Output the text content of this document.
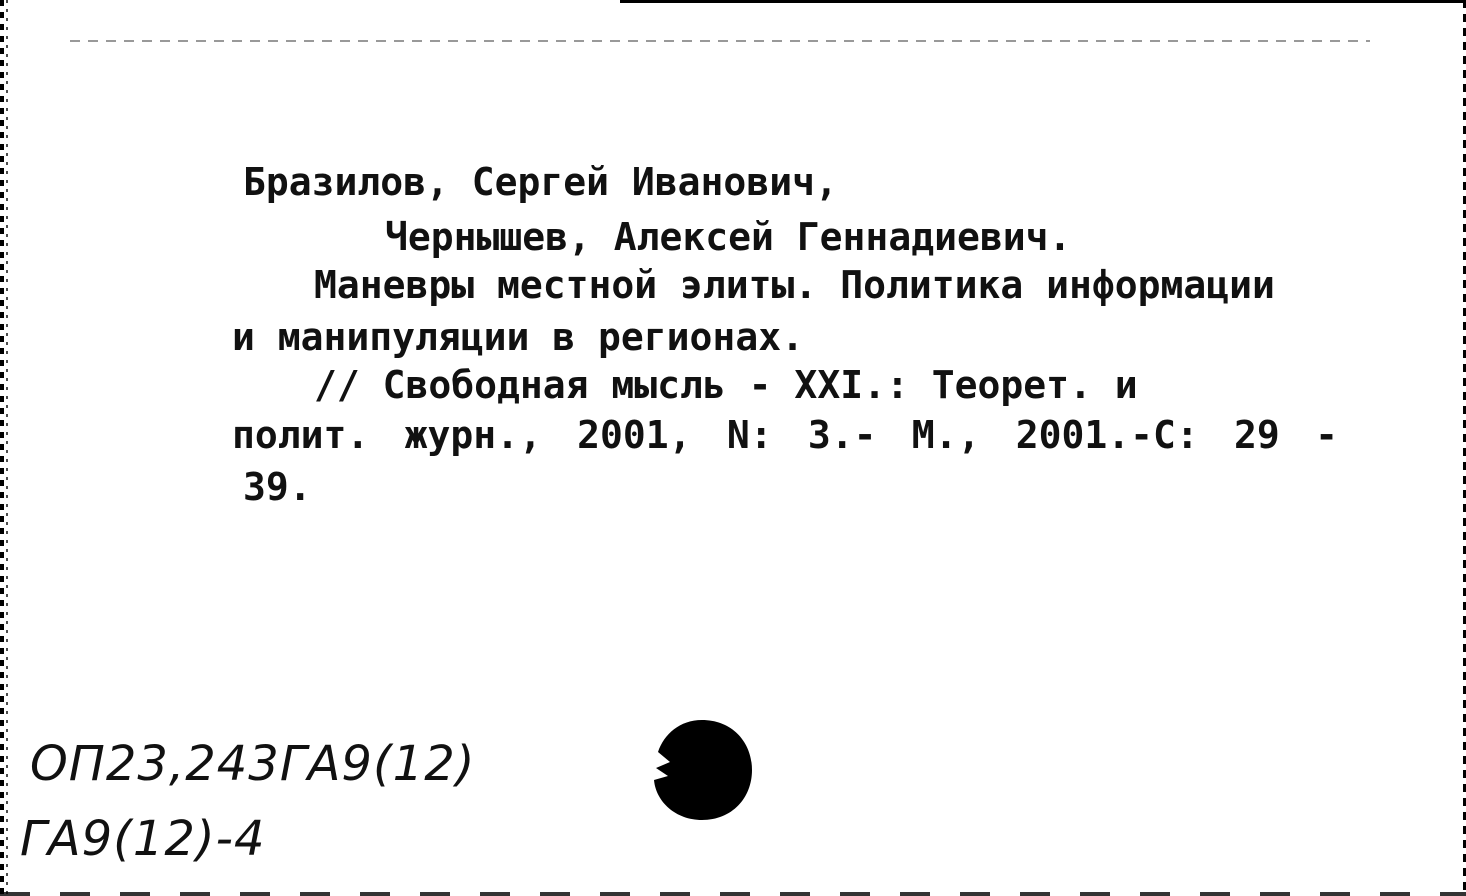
Бразилов, Сергей Иванович,
Чернышев, Алексей Геннадиевич.
Маневры местной элиты. Политика информации
и манипуляции в регионах.
// Свободная мысль - XXI.: Теорет. и
полит. журн., 2001, N: 3.- М., 2001.-С: 29 -
39.
ОП23,243ГА9(12)
ГА9(12)-4
